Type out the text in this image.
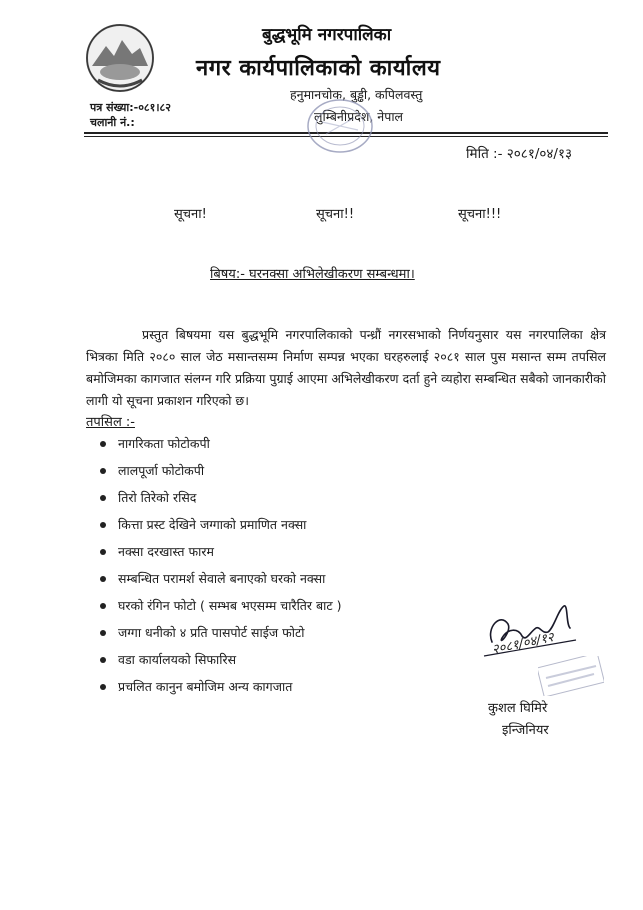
बुद्धभूमि नगरपालिका
नगर कार्यपालिकाको कार्यालय
हनुमानचोक, बुड्ढी, कपिलवस्तु
लुम्बिनीप्रदेश, नेपाल
पत्र संख्या:-०८१।८२
चलानी नं.:
मिति :- २०८१/०४/१३
सूचना!	सूचना!!	सूचना!!!
बिषय:- घरनक्सा अभिलेखीकरण सम्बन्धमा।
प्रस्तुत बिषयमा यस बुद्धभूमि नगरपालिकाको पन्ध्रौं नगरसभाको निर्णयनुसार यस नगरपालिका क्षेत्र भित्रका मिति २०८० साल जेठ मसान्तसम्म निर्माण सम्पन्न भएका घरहरुलाई २०८१ साल पुस मसान्त सम्म तपसिल बमोजिमका कागजात संलग्न गरि प्रक्रिया पुग्राई आएमा अभिलेखीकरण दर्ता हुने व्यहोरा सम्बन्धित सबैको जानकारीको लागी यो सूचना प्रकाशन गरिएको छ।
तपसिल :-
नागरिकता फोटोकपी
लालपूर्जा फोटोकपी
तिरो तिरेको रसिद
कित्ता प्रस्ट देखिने जग्गाको प्रमाणित नक्सा
नक्सा दरखास्त फारम
सम्बन्धित परामर्श सेवाले बनाएको घरको नक्सा
घरको रंगिन फोटो ( सम्भब भएसम्म चारैतिर बाट )
जग्गा धनीको ४ प्रति पासपोर्ट साईज फोटो
वडा कार्यालयको सिफारिस
प्रचलित कानुन बमोजिम अन्य कागजात
२०८१/०४/१२
कुशल घिमिरे
इन्जिनियर
